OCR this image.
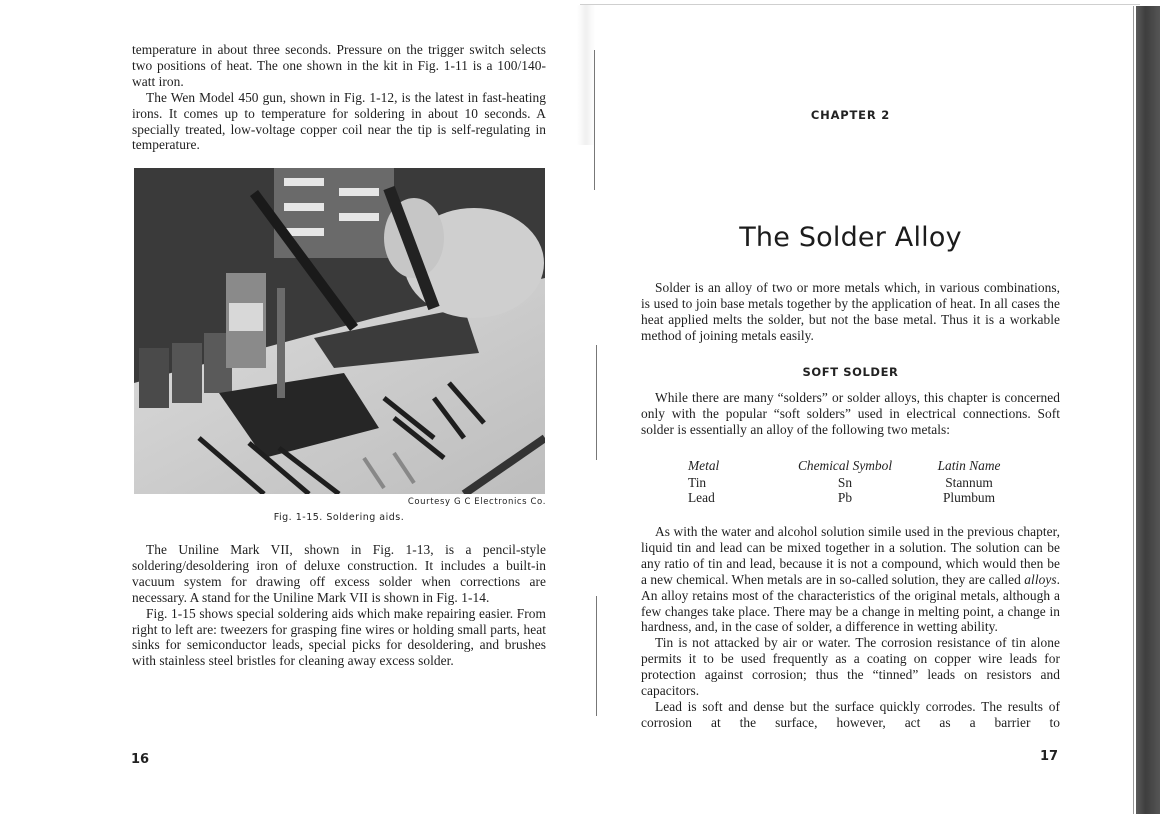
temperature in about three seconds. Pressure on the trigger switch selects two positions of heat. The one shown in the kit in Fig. 1-11 is a 100/140-watt iron.

The Wen Model 450 gun, shown in Fig. 1-12, is the latest in fast-heating irons. It comes up to temperature for soldering in about 10 seconds. A specially treated, low-voltage copper coil near the tip is self-regulating in temperature.

Courtesy G C Electronics Co.
Fig. 1-15. Soldering aids.

The Uniline Mark VII, shown in Fig. 1-13, is a pencil-style soldering/desoldering iron of deluxe construction. It includes a built-in vacuum system for drawing off excess solder when corrections are necessary. A stand for the Uniline Mark VII is shown in Fig. 1-14.

Fig. 1-15 shows special soldering aids which make repairing easier. From right to left are: tweezers for grasping fine wires or holding small parts, heat sinks for semiconductor leads, special picks for desoldering, and brushes with stainless steel bristles for cleaning away excess solder.

16
CHAPTER 2
The Solder Alloy

Solder is an alloy of two or more metals which, in various combinations, is used to join base metals together by the application of heat. In all cases the heat applied melts the solder, but not the base metal. Thus it is a workable method of joining metals easily.

SOFT SOLDER

While there are many “solders” or solder alloys, this chapter is concerned only with the popular “soft solders” used in electrical connections. Soft solder is essentially an alloy of the following two metals:

Metal	Chemical Symbol	Latin Name
Tin	Sn	Stannum
Lead	Pb	Plumbum

As with the water and alcohol solution simile used in the previous chapter, liquid tin and lead can be mixed together in a solution. The solution can be any ratio of tin and lead, because it is not a compound, which would then be a new chemical. When metals are in so-called solution, they are called alloys. An alloy retains most of the characteristics of the original metals, although a few changes take place. There may be a change in melting point, a change in hardness, and, in the case of solder, a difference in wetting ability.

Tin is not attacked by air or water. The corrosion resistance of tin alone permits it to be used frequently as a coating on copper wire leads for protection against corrosion; thus the “tinned” leads on resistors and capacitors.

Lead is soft and dense but the surface quickly corrodes. The results of corrosion at the surface, however, act as a barrier to

17
